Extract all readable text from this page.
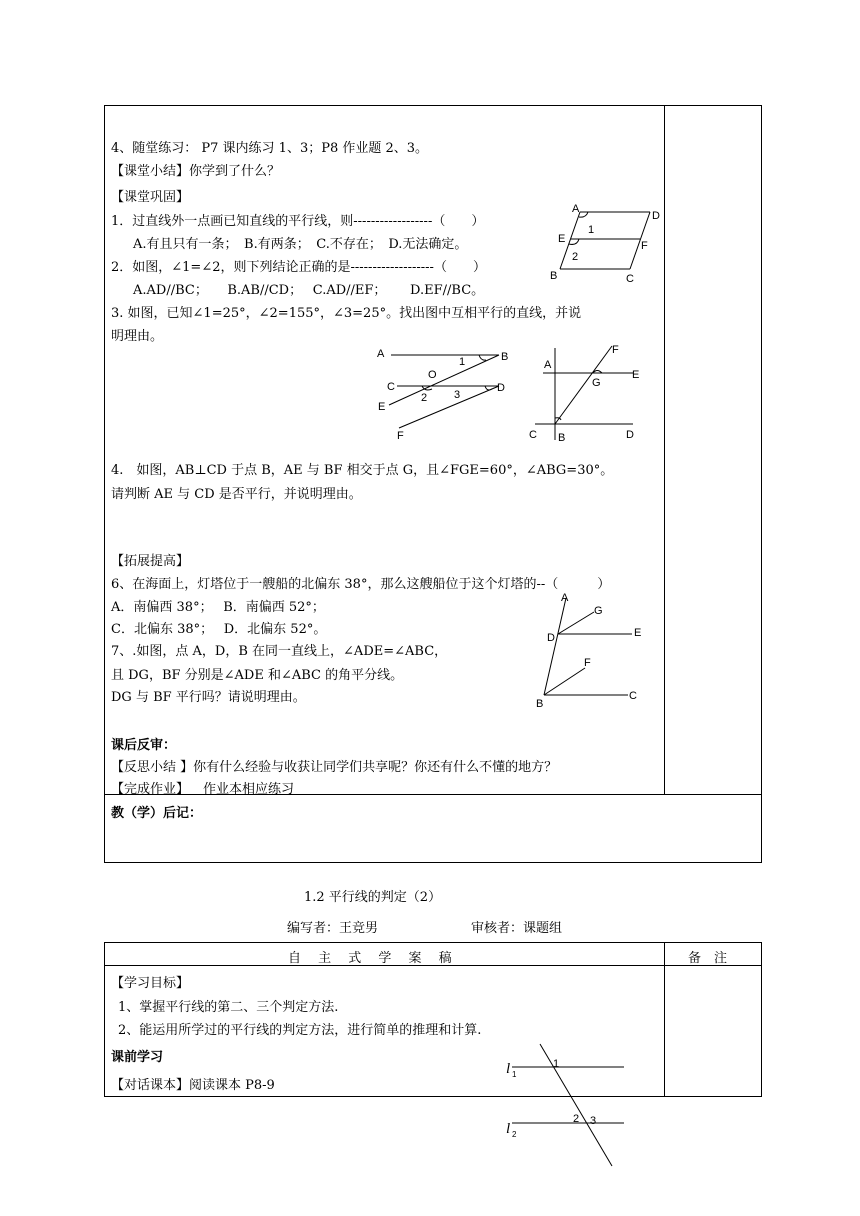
4、随堂练习： P7 课内练习 1、3；P8 作业题 2、3。
【课堂小结】你学到了什么？
【课堂巩固】
1．过直线外一点画已知直线的平行线，则------------------（　　）
A.有且只有一条；　B.有两条；　C.不存在；　D.无法确定。
2．如图，∠1=∠2，则下列结论正确的是-------------------（　　）
A.AD//BC；　　B.AB//CD；　 C.AD//EF；　　 D.EF//BC。
3. 如图，已知∠1=25°，∠2=155°，∠3=25°。找出图中互相平行的直线，并说
明理由。
4.　如图，AB⊥CD 于点 B，AE 与 BF 相交于点 G，且∠FGE=60°，∠ABG=30°。
请判断 AE 与 CD 是否平行，并说明理由。
【拓展提高】
6、在海面上，灯塔位于一艘船的北偏东 38°，那么这艘船位于这个灯塔的--（　　　）
A．南偏西 38°；　 B．南偏西 52°；
C．北偏东 38°；　 D．北偏东 52°。
7、.如图，点 A，D，B 在同一直线上，∠ADE=∠ABC，
且 DG，BF 分别是∠ADE 和∠ABC 的角平分线。
DG 与 BF 平行吗？请说明理由。
课后反审：
【反思小结 】你有什么经验与收获让同学们共享呢？你还有什么不懂的地方？
【完成作业】 作业本相应练习
教（学）后记：
A
D
E
F
B	C
1
2
A	B
C	D
E
F
O
1
2 3
A
E
F
G
C B	D
A
G
D	E
F
B
C
1.2 平行线的判定（2）
编写者：王竞男	审核者：课题组
自　 主　 式　 学　 案　 稿	备　注
【学习目标】
1、掌握平行线的第二、三个判定方法.
2、能运用所学过的平行线的判定方法，进行简单的推理和计算.
课前学习
【对话课本】阅读课本 P8-9
l 1
l 2
1
2 3
